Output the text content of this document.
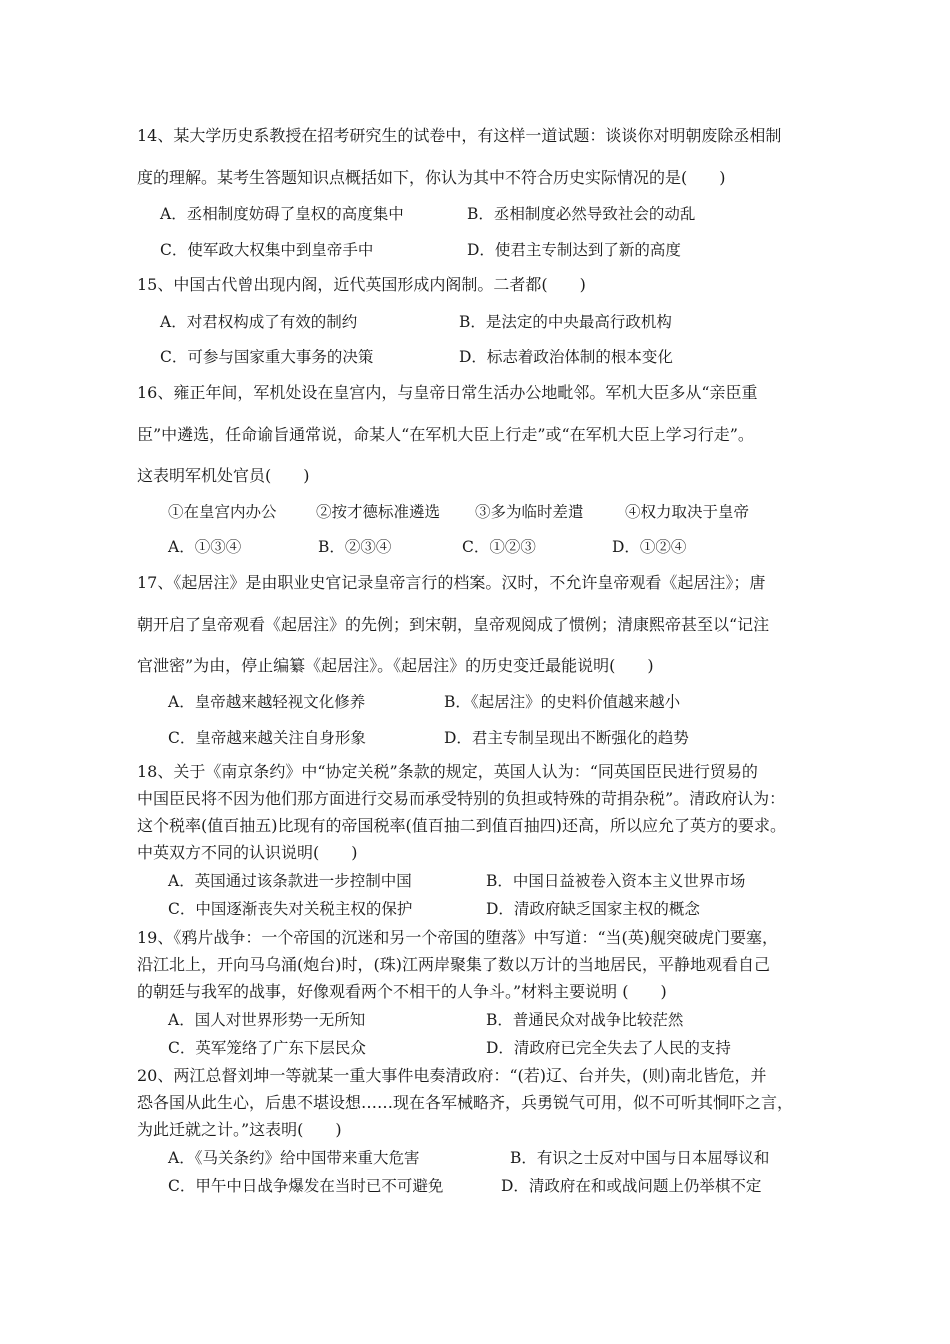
14、某大学历史系教授在招考研究生的试卷中，有这样一道试题：谈谈你对明朝废除丞相制
度的理解。某考生答题知识点概括如下，你认为其中不符合历史实际情况的是(　　)
A．丞相制度妨碍了皇权的高度集中	B．丞相制度必然导致社会的动乱
C．使军政大权集中到皇帝手中	D．使君主专制达到了新的高度
15、中国古代曾出现内阁，近代英国形成内阁制。二者都(　　)
A．对君权构成了有效的制约	B．是法定的中央最高行政机构
C．可参与国家重大事务的决策	D．标志着政治体制的根本变化
16、雍正年间，军机处设在皇宫内，与皇帝日常生活办公地毗邻。军机大臣多从“亲臣重
臣”中遴选，任命谕旨通常说，命某人“在军机大臣上行走”或“在军机大臣上学习行走”。
这表明军机处官员(　　)
①在皇宫内办公	②按才德标准遴选 ③多为临时差遣	④权力取决于皇帝
A．①③④	B．②③④	C．①②③	D．①②④
17、《起居注》是由职业史官记录皇帝言行的档案。汉时，不允许皇帝观看《起居注》；唐
朝开启了皇帝观看《起居注》的先例；到宋朝，皇帝观阅成了惯例；清康熙帝甚至以“记注
官泄密”为由，停止编纂《起居注》。《起居注》的历史变迁最能说明(　　)
A．皇帝越来越轻视文化修养	B．《起居注》的史料价值越来越小
C．皇帝越来越关注自身形象	D．君主专制呈现出不断强化的趋势
18、关于《南京条约》中“协定关税”条款的规定，英国人认为：“同英国臣民进行贸易的
中国臣民将不因为他们那方面进行交易而承受特别的负担或特殊的苛捐杂税”。清政府认为：
这个税率(值百抽五)比现有的帝国税率(值百抽二到值百抽四)还高，所以应允了英方的要求。
中英双方不同的认识说明(　　)
A．英国通过该条款进一步控制中国	B．中国日益被卷入资本主义世界市场
C．中国逐渐丧失对关税主权的保护	D．清政府缺乏国家主权的概念
19、《鸦片战争：一个帝国的沉迷和另一个帝国的堕落》中写道：“当(英)舰突破虎门要塞，
沿江北上，开向马乌涌(炮台)时，(珠)江两岸聚集了数以万计的当地居民，平静地观看自己
的朝廷与我军的战事，好像观看两个不相干的人争斗。”材料主要说明 (　　)
A．国人对世界形势一无所知	B．普通民众对战争比较茫然
C．英军笼络了广东下层民众	D．清政府已完全失去了人民的支持
20、两江总督刘坤一等就某一重大事件电奏清政府：“(若)辽、台并失，(则)南北皆危，并
恐各国从此生心，后患不堪设想……现在各军械略齐，兵勇锐气可用，似不可听其恫吓之言，
为此迁就之计。”这表明(　　)
A．《马关条约》给中国带来重大危害	B．有识之士反对中国与日本屈辱议和
C．甲午中日战争爆发在当时已不可避免	D．清政府在和或战问题上仍举棋不定
